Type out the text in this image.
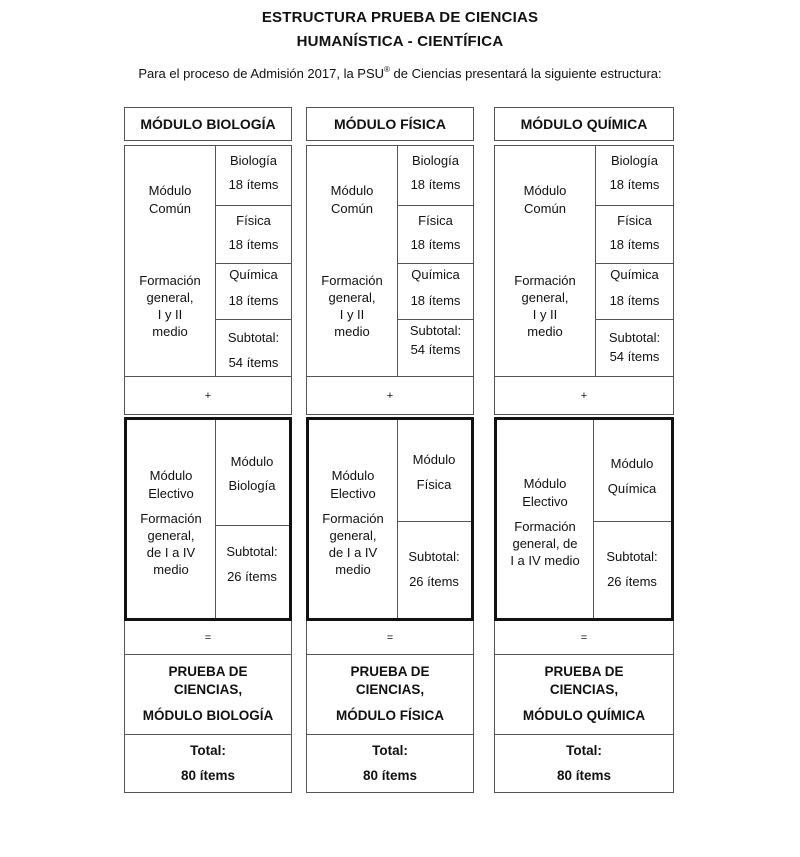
ESTRUCTURA PRUEBA DE CIENCIAS
HUMANÍSTICA - CIENTÍFICA
Para el proceso de Admisión 2017, la PSU® de Ciencias presentará la siguiente estructura:
MÓDULO BIOLOGÍA
Módulo
Común
Formación
general,
I y II
medio
Biología
18 ítems
Física
18 ítems
Química
18 ítems
Subtotal:
54 ítems
+
Módulo
Electivo
Formación
general,
de I a IV
medio
Módulo
Biología
Subtotal:
26 ítems
=
PRUEBA DE
CIENCIAS,
MÓDULO BIOLOGÍA
Total:
80 ítems
MÓDULO FÍSICA
Módulo
Común
Formación
general,
I y II
medio
Biología
18 ítems
Física
18 ítems
Química
18 ítems
Subtotal:
54 ítems
+
Módulo
Electivo
Formación
general,
de I a IV
medio
Módulo
Física
Subtotal:
26 ítems
=
PRUEBA DE
CIENCIAS,
MÓDULO FÍSICA
Total:
80 ítems
MÓDULO QUÍMICA
Módulo
Común
Formación
general,
I y II
medio
Biología
18 ítems
Física
18 ítems
Química
18 ítems
Subtotal:
54 ítems
+
Módulo
Electivo
Formación
general, de
I a IV medio
Módulo
Química
Subtotal:
26 ítems
=
PRUEBA DE
CIENCIAS,
MÓDULO QUÍMICA
Total:
80 ítems
